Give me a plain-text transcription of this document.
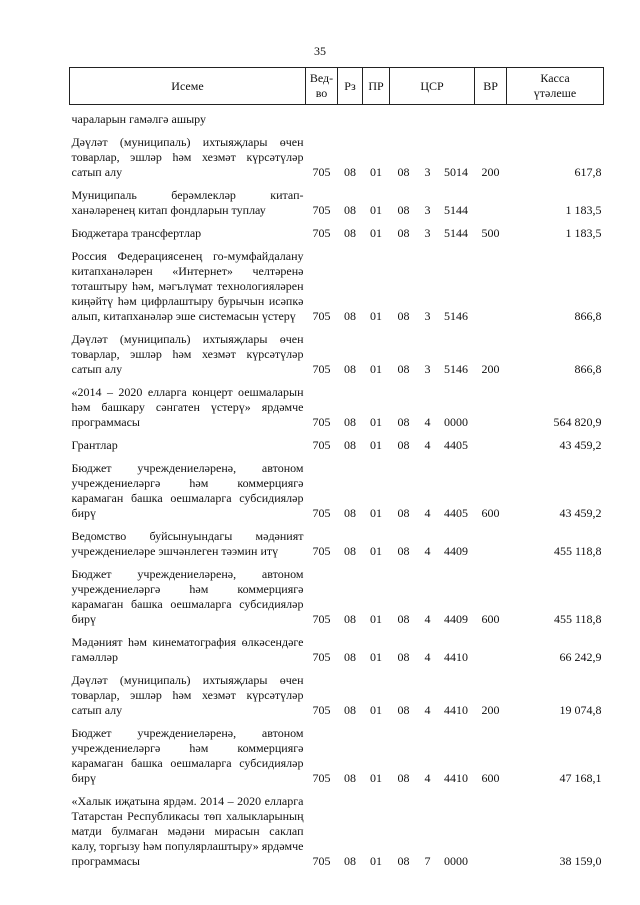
35
Исеме	Вед-
во	Рз	ПР	ЦСР			ВР	Касса
үтәлеше
чараларын гамәлгә ашыру								
Дәүләт (муниципаль) ихтыяҗлары өчен товарлар, эшләр һәм хезмәт күрсәтүләр сатып алу	705	08	01	08	3	5014	200	617,8
Муниципаль берәмлекләр китап-ханәләренең китап фондларын туплау	705	08	01	08	3	5144		1 183,5
Бюджетара трансфертлар	705	08	01	08	3	5144	500	1 183,5
Россия Федерациясенең го-мумфайдалану китапханәләрен «Интернет» челтәренә тоташтыру һәм, мәгълүмат технологияләрен киңәйтү һәм цифрлаштыру бурычын исәпкә алып, китапханәләр эше системасын үстерү	705	08	01	08	3	5146		866,8
Дәүләт (муниципаль) ихтыяҗлары өчен товарлар, эшләр һәм хезмәт күрсәтүләр сатып алу	705	08	01	08	3	5146	200	866,8
«2014 – 2020 елларга концерт оешмаларын һәм башкару сәнгатен үстерү» ярдәмче программасы	705	08	01	08	4	0000		564 820,9
Грантлар	705	08	01	08	4	4405		43 459,2
Бюджет учреждениеләренә, автоном учреждениеләргә һәм коммерциягә карамаган башка оешмаларга субсидияләр бирү	705	08	01	08	4	4405	600	43 459,2
Ведомство буйсынуындагы мәдәният учреждениеләре эшчәнлеген тәэмин итү	705	08	01	08	4	4409		455 118,8
Бюджет учреждениеләренә, автоном учреждениеләргә һәм коммерциягә карамаган башка оешмаларга субсидияләр бирү	705	08	01	08	4	4409	600	455 118,8
Мәдәният һәм кинематография өлкәсендәге гамәлләр	705	08	01	08	4	4410		66 242,9
Дәүләт (муниципаль) ихтыяҗлары өчен товарлар, эшләр һәм хезмәт күрсәтүләр сатып алу	705	08	01	08	4	4410	200	19 074,8
Бюджет учреждениеләренә, автоном учреждениеләргә һәм коммерциягә карамаган башка оешмаларга субсидияләр бирү	705	08	01	08	4	4410	600	47 168,1
«Халык иҗатына ярдәм. 2014 – 2020 елларга Татарстан Республикасы төп халыкларының матди булмаган мәдәни мирасын саклап калу, торгызу һәм популярлаштыру» ярдәмче программасы	705	08	01	08	7	0000		38 159,0
